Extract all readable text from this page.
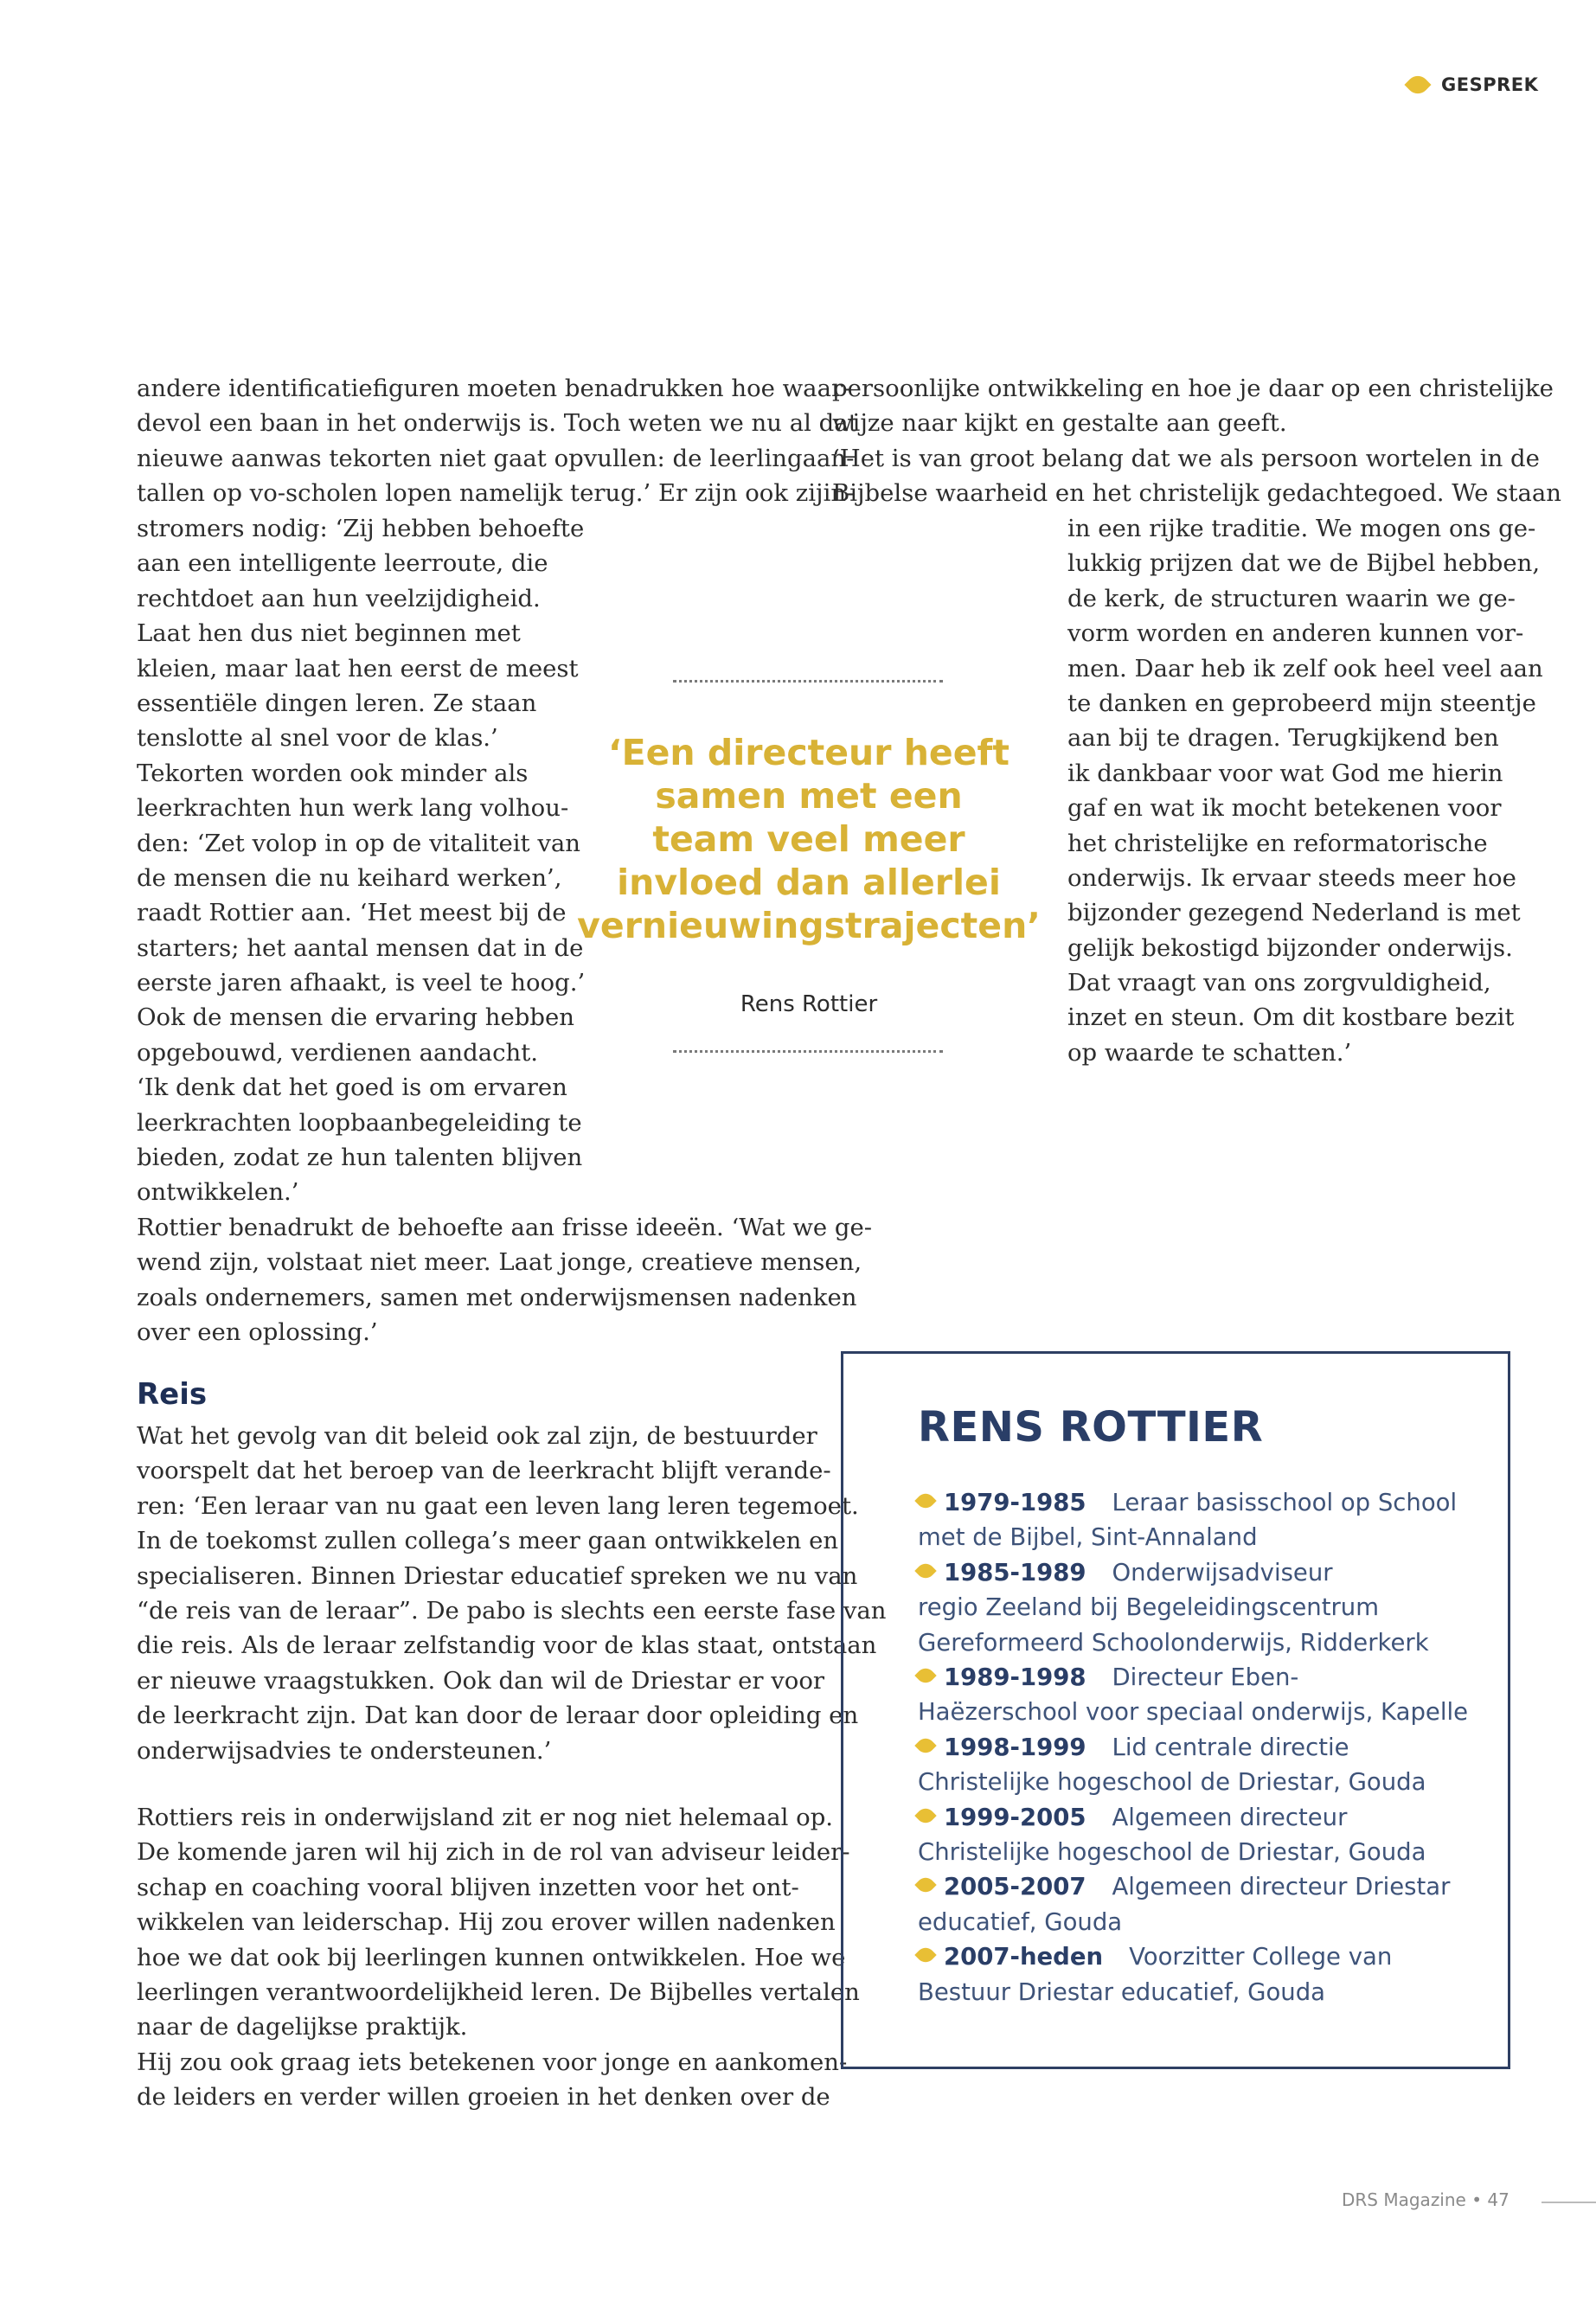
GESPREK
andere identificatiefiguren moeten benadrukken hoe waar-
devol een baan in het onderwijs is. Toch weten we nu al dat
nieuwe aanwas tekorten niet gaat opvullen: de leerlingaan-
tallen op vo-scholen lopen namelijk terug.’ Er zijn ook zijin-
stromers nodig: ‘Zij hebben behoefte
aan een intelligente leerroute, die
rechtdoet aan hun veelzijdigheid.
Laat hen dus niet beginnen met
kleien, maar laat hen eerst de meest
essentiële dingen leren. Ze staan
tenslotte al snel voor de klas.’
Tekorten worden ook minder als
leerkrachten hun werk lang volhou-
den: ‘Zet volop in op de vitaliteit van
de mensen die nu keihard werken’,
raadt Rottier aan. ‘Het meest bij de
starters; het aantal mensen dat in de
eerste jaren afhaakt, is veel te hoog.’
Ook de mensen die ervaring hebben
opgebouwd, verdienen aandacht.
‘Ik denk dat het goed is om ervaren
leerkrachten loopbaanbegeleiding te
bieden, zodat ze hun talenten blijven
ontwikkelen.’
Rottier benadrukt de behoefte aan frisse ideeën. ‘Wat we ge-
wend zijn, volstaat niet meer. Laat jonge, creatieve mensen,
zoals ondernemers, samen met onderwijsmensen nadenken
over een oplossing.’
Reis
Wat het gevolg van dit beleid ook zal zijn, de bestuurder
voorspelt dat het beroep van de leerkracht blijft verande-
ren: ‘Een leraar van nu gaat een leven lang leren tegemoet.
In de toekomst zullen collega’s meer gaan ontwikkelen en
specialiseren. Binnen Driestar educatief spreken we nu van
“de reis van de leraar”. De pabo is slechts een eerste fase van
die reis. Als de leraar zelfstandig voor de klas staat, ontstaan
er nieuwe vraagstukken. Ook dan wil de Driestar er voor
de leerkracht zijn. Dat kan door de leraar door opleiding en
onderwijsadvies te ondersteunen.’
Rottiers reis in onderwijsland zit er nog niet helemaal op.
De komende jaren wil hij zich in de rol van adviseur leider-
schap en coaching vooral blijven inzetten voor het ont-
wikkelen van leiderschap. Hij zou erover willen nadenken
hoe we dat ook bij leerlingen kunnen ontwikkelen. Hoe we
leerlingen verantwoordelijkheid leren. De Bijbelles vertalen
naar de dagelijkse praktijk.
Hij zou ook graag iets betekenen voor jonge en aankomen-
de leiders en verder willen groeien in het denken over de
persoonlijke ontwikkeling en hoe je daar op een christelijke
wijze naar kijkt en gestalte aan geeft.
‘Het is van groot belang dat we als persoon wortelen in de
Bijbelse waarheid en het christelijk gedachtegoed. We staan
in een rijke traditie. We mogen ons ge-
lukkig prijzen dat we de Bijbel hebben,
de kerk, de structuren waarin we ge-
vorm worden en anderen kunnen vor-
men. Daar heb ik zelf ook heel veel aan
te danken en geprobeerd mijn steentje
aan bij te dragen. Terugkijkend ben
ik dankbaar voor wat God me hierin
gaf en wat ik mocht betekenen voor
het christelijke en reformatorische
onderwijs. Ik ervaar steeds meer hoe
bijzonder gezegend Nederland is met
gelijk bekostigd bijzonder onderwijs.
Dat vraagt van ons zorgvuldigheid,
inzet en steun. Om dit kostbare bezit
op waarde te schatten.’
‘Een directeur heeft
samen met een
team veel meer
invloed dan allerlei
vernieuwingstrajecten’
Rens Rottier
RENS ROTTIER

1979-1985 Leraar basisschool op School
met de Bijbel, Sint-Annaland

1985-1989 Onderwijsadviseur
regio Zeeland bij Begeleidingscentrum
Gereformeerd Schoolonderwijs, Ridderkerk

1989-1998 Directeur Eben-
Haëzerschool voor speciaal onderwijs, Kapelle

1998-1999 Lid centrale directie
Christelijke hogeschool de Driestar, Gouda

1999-2005 Algemeen directeur
Christelijke hogeschool de Driestar, Gouda

2005-2007 Algemeen directeur Driestar
educatief, Gouda

2007-heden Voorzitter College van
Bestuur Driestar educatief, Gouda

DRS Magazine • 47
